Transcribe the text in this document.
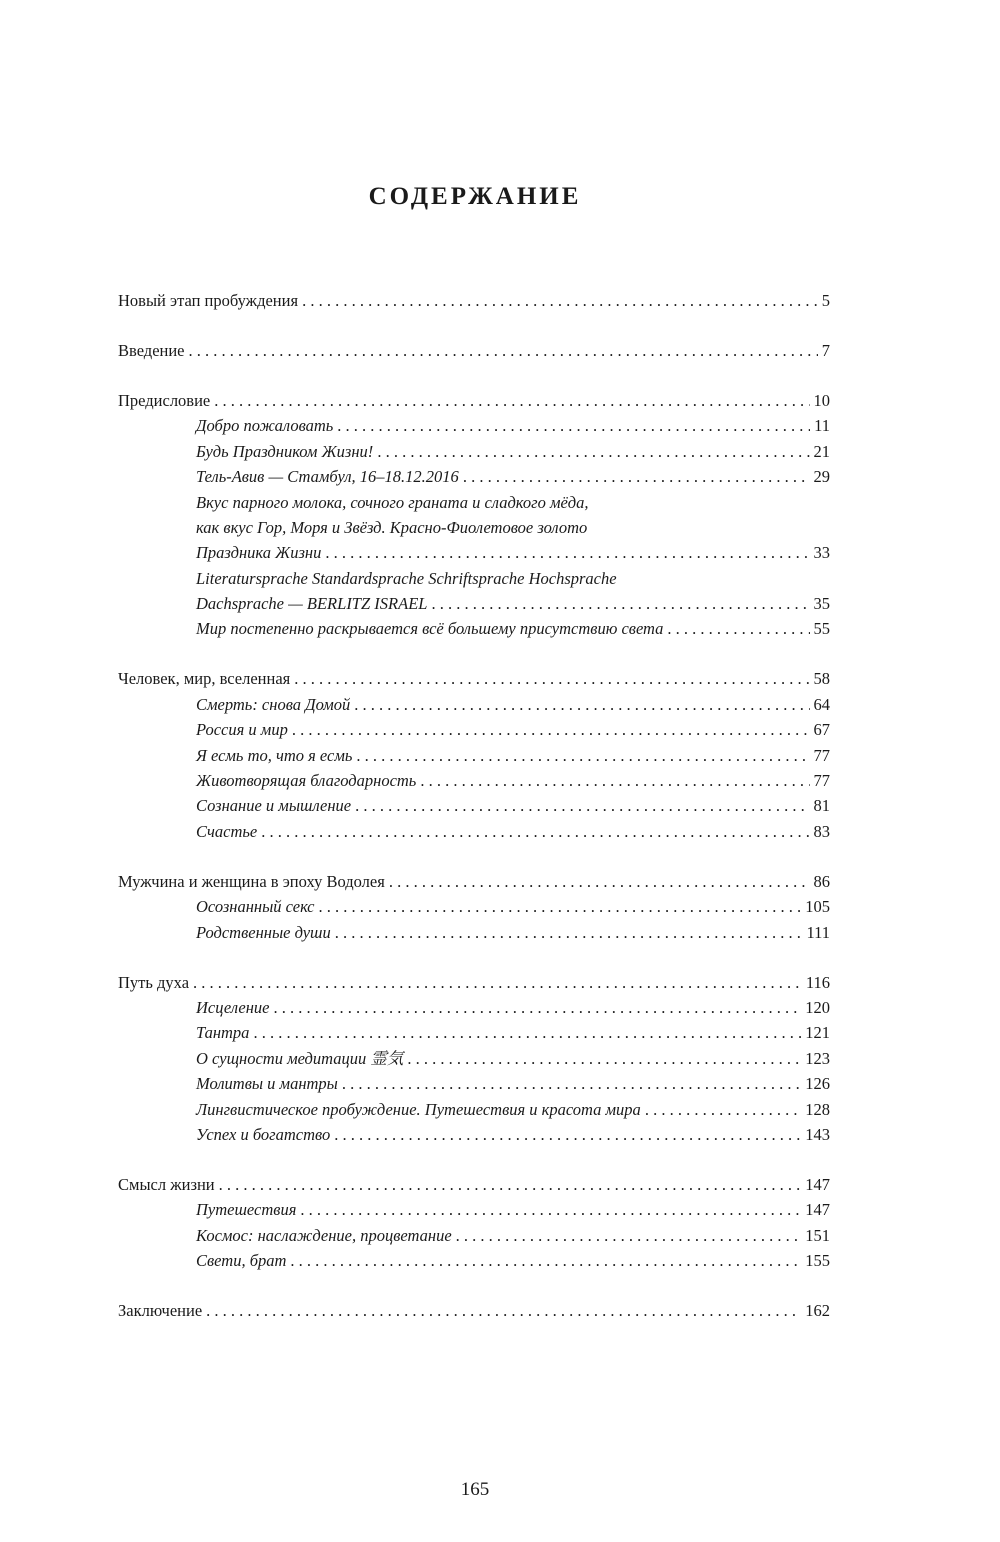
СОДЕРЖАНИЕ
Новый этап пробуждения . . .	5
Введение . . .	7
Предисловие . . .	10
Добро пожаловать . . .	11
Будь Праздником Жизни! . . .	21
Тель-Авив — Стамбул, 16–18.12.2016 . . .	29
Вкус парного молока, сочного граната и сладкого мёда,
как вкус Гор, Моря и Звёзд. Красно-Фиолетовое золото
Праздника Жизни . . .	33
Literatursprache Standardsprache Schriftsprache Hochsprache
Dachsprache — BERLITZ ISRAEL . . .	35
Мир постепенно раскрывается всё большему присутствию света . . .	55
Человек, мир, вселенная . . .	58
Смерть: снова Домой . . .	64
Россия и мир . . .	67
Я есмь то, что я есмь . . .	77
Животворящая благодарность . . .	77
Сознание и мышление . . .	81
Счастье . . .	83
Мужчина и женщина в эпоху Водолея . . .	86
Осознанный секс . . .	105
Родственные души . . .	111
Путь духа . . .	116
Исцеление . . .	120
Тантра . . .	121
О сущности медитации 霊気 . . .	123
Молитвы и мантры . . .	126
Лингвистическое пробуждение. Путешествия и красота мира . . .	128
Успех и богатство . . .	143
Смысл жизни . . .	147
Путешествия . . .	147
Космос: наслаждение, процветание . . .	151
Свети, брат . . .	155
Заключение . . .	162
165
